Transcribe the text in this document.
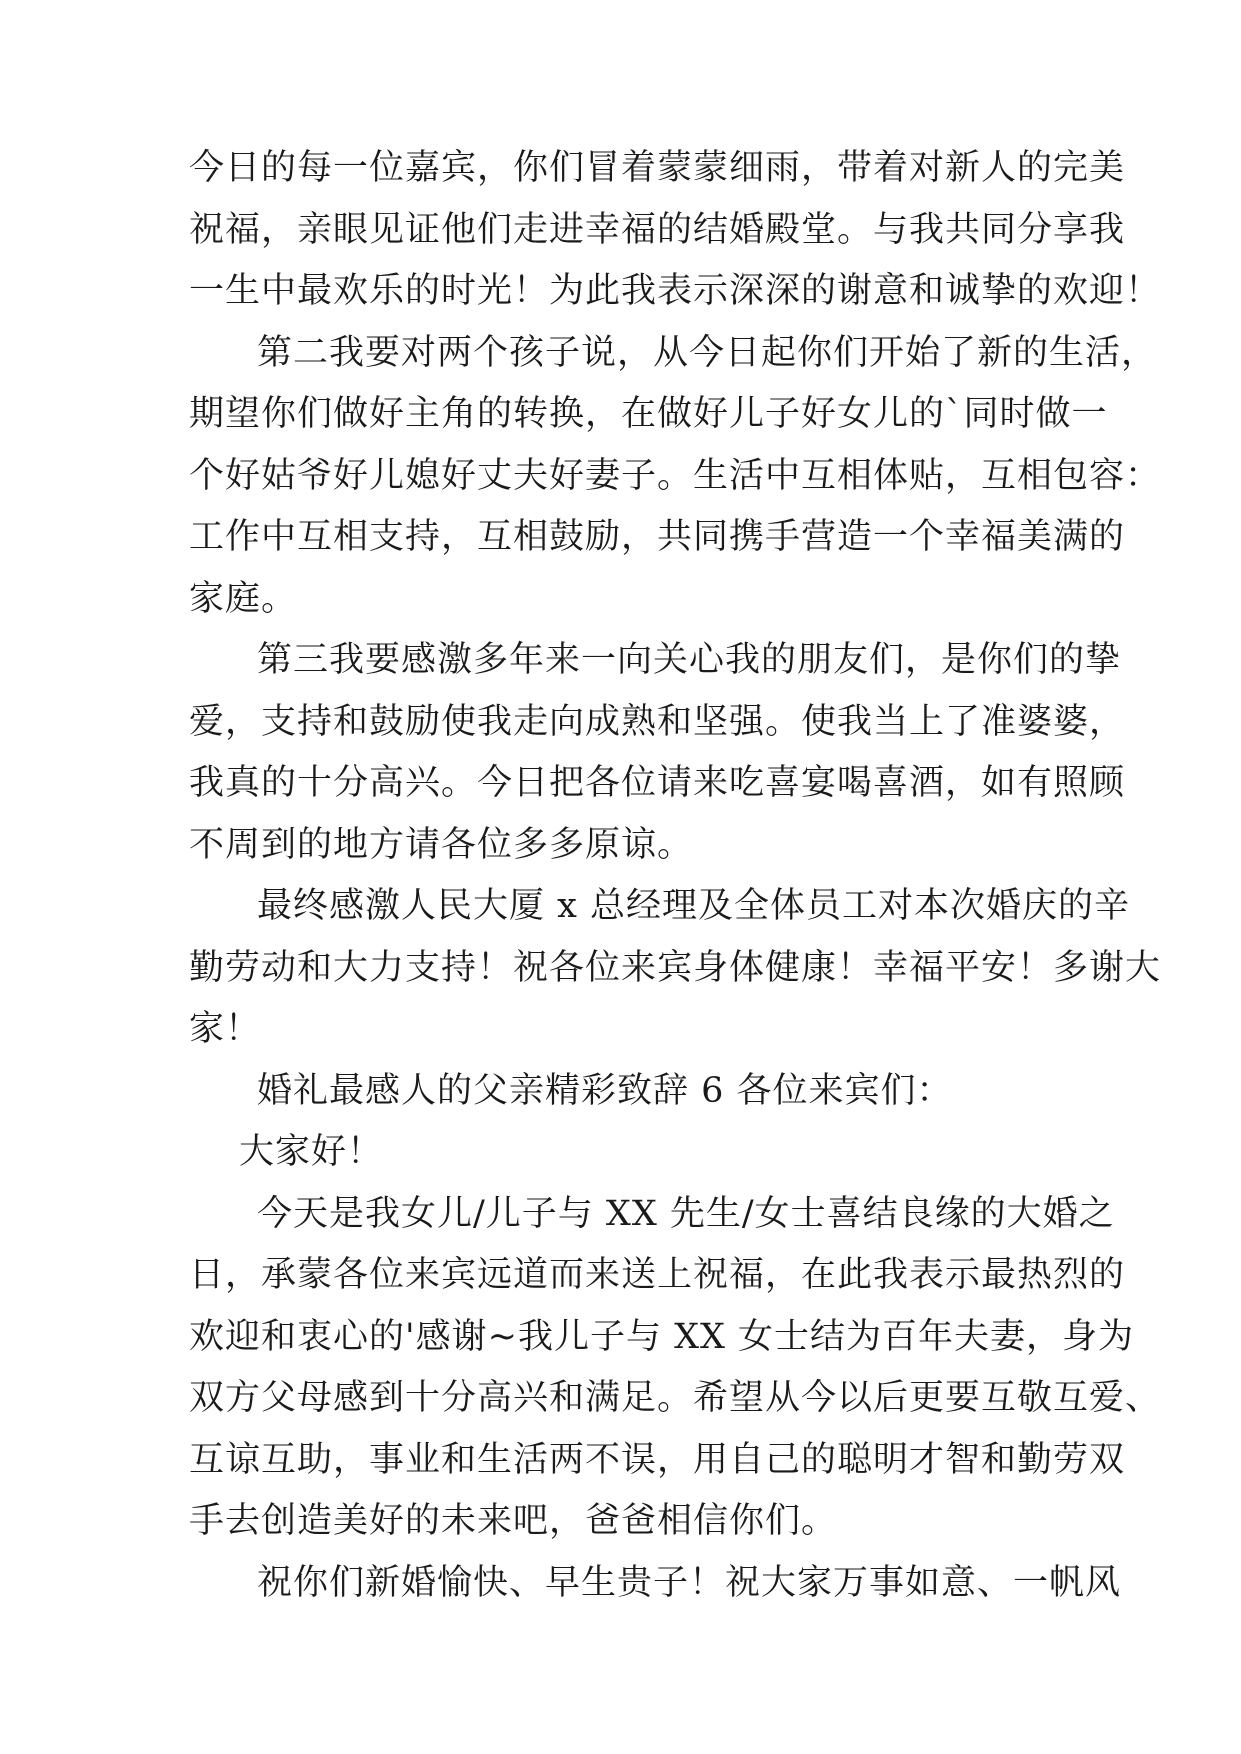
今日的每一位嘉宾，你们冒着蒙蒙细雨，带着对新人的完美
祝福，亲眼见证他们走进幸福的结婚殿堂。与我共同分享我
一生中最欢乐的时光！为此我表示深深的谢意和诚挚的欢迎！
第二我要对两个孩子说，从今日起你们开始了新的生活，
期望你们做好主角的转换，在做好儿子好女儿的`同时做一
个好姑爷好儿媳好丈夫好妻子。生活中互相体贴，互相包容：
工作中互相支持，互相鼓励，共同携手营造一个幸福美满的
家庭。
第三我要感激多年来一向关心我的朋友们，是你们的挚
爱，支持和鼓励使我走向成熟和坚强。使我当上了准婆婆，
我真的十分高兴。今日把各位请来吃喜宴喝喜酒，如有照顾
不周到的地方请各位多多原谅。
最终感激人民大厦 x 总经理及全体员工对本次婚庆的辛
勤劳动和大力支持！祝各位来宾身体健康！幸福平安！多谢大
家！
婚礼最感人的父亲精彩致辞 6 各位来宾们：
大家好！
今天是我女儿/儿子与 XX 先生/女士喜结良缘的大婚之
日，承蒙各位来宾远道而来送上祝福，在此我表示最热烈的
欢迎和衷心的'感谢~我儿子与 XX 女士结为百年夫妻，身为
双方父母感到十分高兴和满足。希望从今以后更要互敬互爱、
互谅互助，事业和生活两不误，用自己的聪明才智和勤劳双
手去创造美好的未来吧，爸爸相信你们。
祝你们新婚愉快、早生贵子！祝大家万事如意、一帆风
